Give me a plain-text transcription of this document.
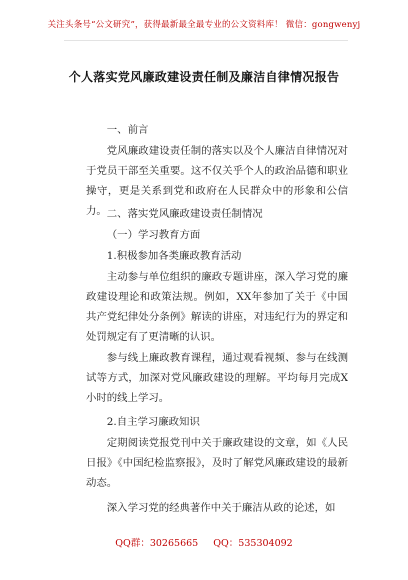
关注头条号“公文研究”，获得最新最全最专业的公文资料库！ 微信：gongwenyj
个人落实党风廉政建设责任制及廉洁自律情况报告
一、前言
党风廉政建设责任制的落实以及个人廉洁自律情况对于党员干部至关重要。这不仅关乎个人的政治品德和职业操守，更是关系到党和政府在人民群众中的形象和公信力。 二、落实党风廉政建设责任制情况
（一）学习教育方面
1.积极参加各类廉政教育活动
主动参与单位组织的廉政专题讲座，深入学习党的廉政建设理论和政策法规。例如，XX年参加了关于《中国共产党纪律处分条例》解读的讲座，对违纪行为的界定和处罚规定有了更清晰的认识。
参与线上廉政教育课程，通过观看视频、参与在线测试等方式，加深对党风廉政建设的理解。平均每月完成X小时的线上学习。
2.自主学习廉政知识
定期阅读党报党刊中关于廉政建设的文章，如《人民日报》《中国纪检监察报》，及时了解党风廉政建设的最新动态。
深入学习党的经典著作中关于廉洁从政的论述，如
QQ群：30265665 QQ：535304092
